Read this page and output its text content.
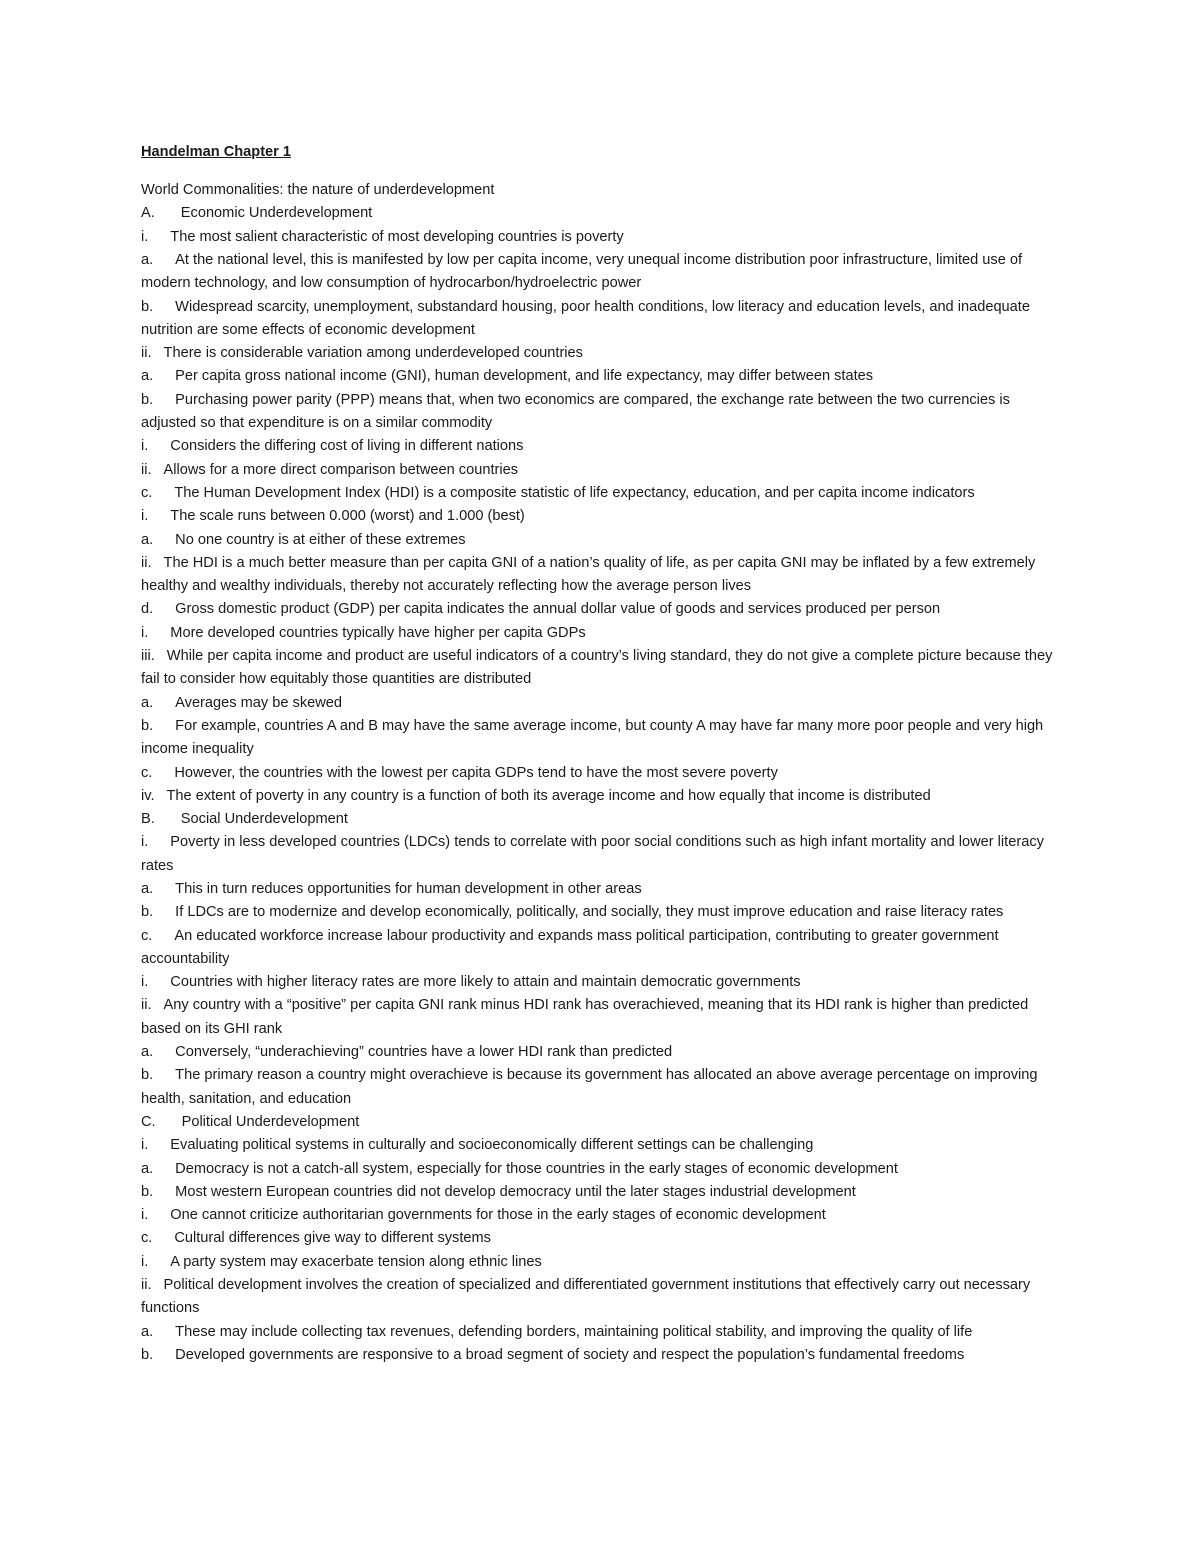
Handelman Chapter 1
World Commonalities: the nature of underdevelopment
A. Economic Underdevelopment
i. The most salient characteristic of most developing countries is poverty
a. At the national level, this is manifested by low per capita income, very unequal income distribution poor infrastructure, limited use of modern technology, and low consumption of hydrocarbon/hydroelectric power
b. Widespread scarcity, unemployment, substandard housing, poor health conditions, low literacy and education levels, and inadequate nutrition are some effects of economic development
ii. There is considerable variation among underdeveloped countries
a. Per capita gross national income (GNI), human development, and life expectancy, may differ between states
b. Purchasing power parity (PPP) means that, when two economics are compared, the exchange rate between the two currencies is adjusted so that expenditure is on a similar commodity
i. Considers the differing cost of living in different nations
ii. Allows for a more direct comparison between countries
c. The Human Development Index (HDI) is a composite statistic of life expectancy, education, and per capita income indicators
i. The scale runs between 0.000 (worst) and 1.000 (best)
a. No one country is at either of these extremes
ii. The HDI is a much better measure than per capita GNI of a nation’s quality of life, as per capita GNI may be inflated by a few extremely healthy and wealthy individuals, thereby not accurately reflecting how the average person lives
d. Gross domestic product (GDP) per capita indicates the annual dollar value of goods and services produced per person
i. More developed countries typically have higher per capita GDPs
iii. While per capita income and product are useful indicators of a country’s living standard, they do not give a complete picture because they fail to consider how equitably those quantities are distributed
a. Averages may be skewed
b. For example, countries A and B may have the same average income, but county A may have far many more poor people and very high income inequality
c. However, the countries with the lowest per capita GDPs tend to have the most severe poverty
iv. The extent of poverty in any country is a function of both its average income and how equally that income is distributed
B. Social Underdevelopment
i. Poverty in less developed countries (LDCs) tends to correlate with poor social conditions such as high infant mortality and lower literacy rates
a. This in turn reduces opportunities for human development in other areas
b. If LDCs are to modernize and develop economically, politically, and socially, they must improve education and raise literacy rates
c. An educated workforce increase labour productivity and expands mass political participation, contributing to greater government accountability
i. Countries with higher literacy rates are more likely to attain and maintain democratic governments
ii. Any country with a “positive” per capita GNI rank minus HDI rank has overachieved, meaning that its HDI rank is higher than predicted based on its GHI rank
a. Conversely, “underachieving” countries have a lower HDI rank than predicted
b. The primary reason a country might overachieve is because its government has allocated an above average percentage on improving health, sanitation, and education
C. Political Underdevelopment
i. Evaluating political systems in culturally and socioeconomically different settings can be challenging
a. Democracy is not a catch-all system, especially for those countries in the early stages of economic development
b. Most western European countries did not develop democracy until the later stages industrial development
i. One cannot criticize authoritarian governments for those in the early stages of economic development
c. Cultural differences give way to different systems
i. A party system may exacerbate tension along ethnic lines
ii. Political development involves the creation of specialized and differentiated government institutions that effectively carry out necessary functions
a. These may include collecting tax revenues, defending borders, maintaining political stability, and improving the quality of life
b. Developed governments are responsive to a broad segment of society and respect the population’s fundamental freedoms
